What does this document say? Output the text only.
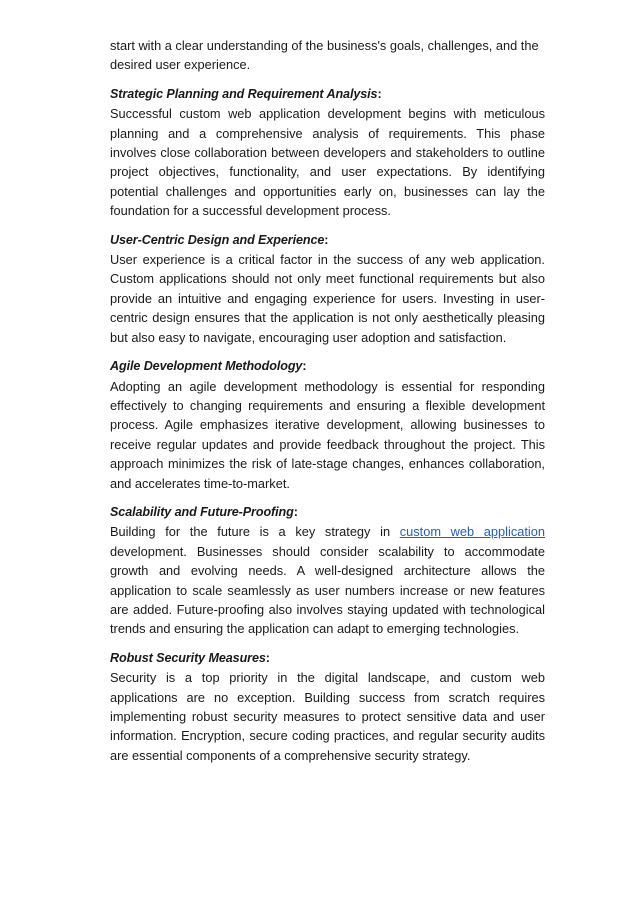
start with a clear understanding of the business's goals, challenges, and the desired user experience.

Strategic Planning and Requirement Analysis:

Successful custom web application development begins with meticulous planning and a comprehensive analysis of requirements. This phase involves close collaboration between developers and stakeholders to outline project objectives, functionality, and user expectations. By identifying potential challenges and opportunities early on, businesses can lay the foundation for a successful development process.

User-Centric Design and Experience:

User experience is a critical factor in the success of any web application. Custom applications should not only meet functional requirements but also provide an intuitive and engaging experience for users. Investing in user-centric design ensures that the application is not only aesthetically pleasing but also easy to navigate, encouraging user adoption and satisfaction.

Agile Development Methodology:

Adopting an agile development methodology is essential for responding effectively to changing requirements and ensuring a flexible development process. Agile emphasizes iterative development, allowing businesses to receive regular updates and provide feedback throughout the project. This approach minimizes the risk of late-stage changes, enhances collaboration, and accelerates time-to-market.

Scalability and Future-Proofing:

Building for the future is a key strategy in custom web application development. Businesses should consider scalability to accommodate growth and evolving needs. A well-designed architecture allows the application to scale seamlessly as user numbers increase or new features are added. Future-proofing also involves staying updated with technological trends and ensuring the application can adapt to emerging technologies.

Robust Security Measures:

Security is a top priority in the digital landscape, and custom web applications are no exception. Building success from scratch requires implementing robust security measures to protect sensitive data and user information. Encryption, secure coding practices, and regular security audits are essential components of a comprehensive security strategy.
